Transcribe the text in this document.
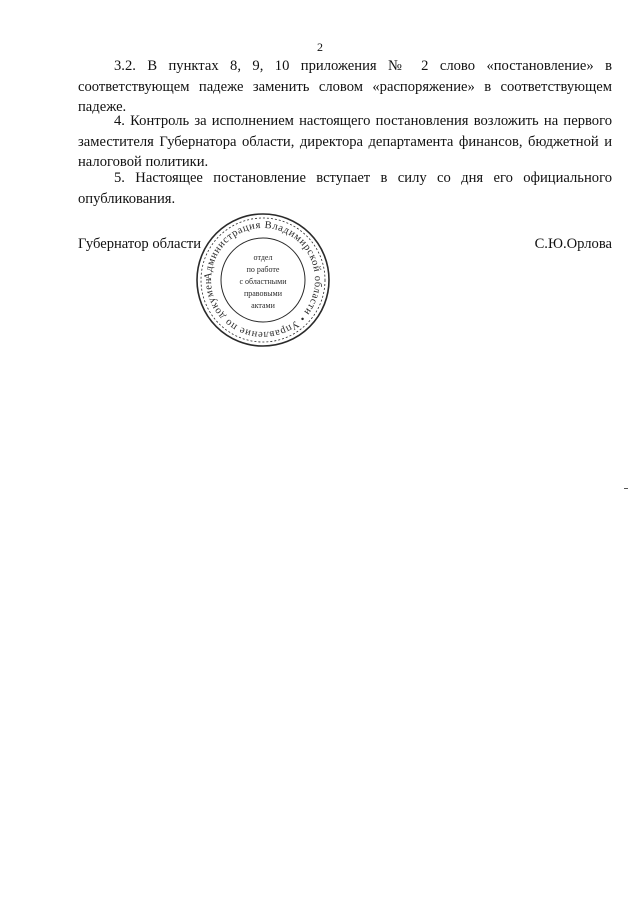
2

3.2. В пунктах 8, 9, 10 приложения № 2 слово «постановление» в соответствующем падеже заменить словом «распоряжение» в соответствующем падеже.

4. Контроль за исполнением настоящего постановления возложить на первого заместителя Губернатора области, директора департамента финансов, бюджетной и налоговой политики.

5. Настоящее постановление вступает в силу со дня его официального опубликования.

Губернатор области	С.Ю.Орлова
Администрация Владимирской области • Управление по докумен
отдел
по работе
с областными
правовыми
актами
